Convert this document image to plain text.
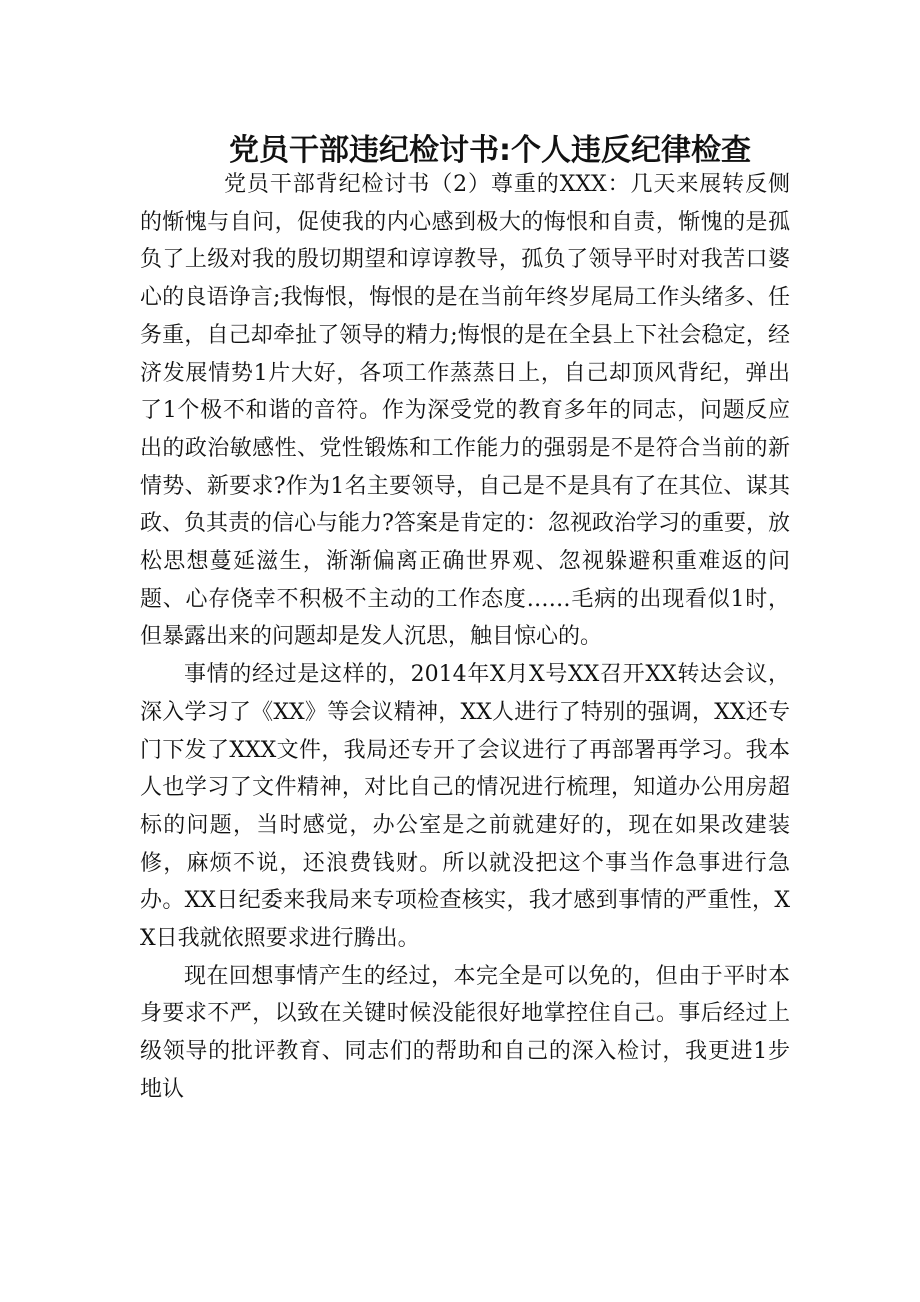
党员干部违纪检讨书:个人违反纪律检查

党员干部背纪检讨书（2）尊重的XXX：几天来展转反侧的惭愧与自问，促使我的内心感到极大的悔恨和自责，惭愧的是孤负了上级对我的殷切期望和谆谆教导，孤负了领导平时对我苦口婆心的良语诤言;我悔恨，悔恨的是在当前年终岁尾局工作头绪多、任务重，自己却牵扯了领导的精力;悔恨的是在全县上下社会稳定，经济发展情势1片大好，各项工作蒸蒸日上，自己却顶风背纪，弹出了1个极不和谐的音符。作为深受党的教育多年的同志，问题反应出的政治敏感性、党性锻炼和工作能力的强弱是不是符合当前的新情势、新要求?作为1名主要领导，自己是不是具有了在其位、谋其政、负其责的信心与能力?答案是肯定的：忽视政治学习的重要，放松思想蔓延滋生，渐渐偏离正确世界观、忽视躲避积重难返的问题、心存侥幸不积极不主动的工作态度……毛病的出现看似1时，但暴露出来的问题却是发人沉思，触目惊心的。

事情的经过是这样的，2014年X月X号XX召开XX转达会议，深入学习了《XX》等会议精神，XX人进行了特别的强调，XX还专门下发了XXX文件，我局还专开了会议进行了再部署再学习。我本人也学习了文件精神，对比自己的情况进行梳理，知道办公用房超标的问题，当时感觉，办公室是之前就建好的，现在如果改建装修，麻烦不说，还浪费钱财。所以就没把这个事当作急事进行急办。XX日纪委来我局来专项检查核实，我才感到事情的严重性，XX日我就依照要求进行腾出。

现在回想事情产生的经过，本完全是可以免的，但由于平时本身要求不严，以致在关键时候没能很好地掌控住自己。事后经过上级领导的批评教育、同志们的帮助和自己的深入检讨，我更进1步地认
